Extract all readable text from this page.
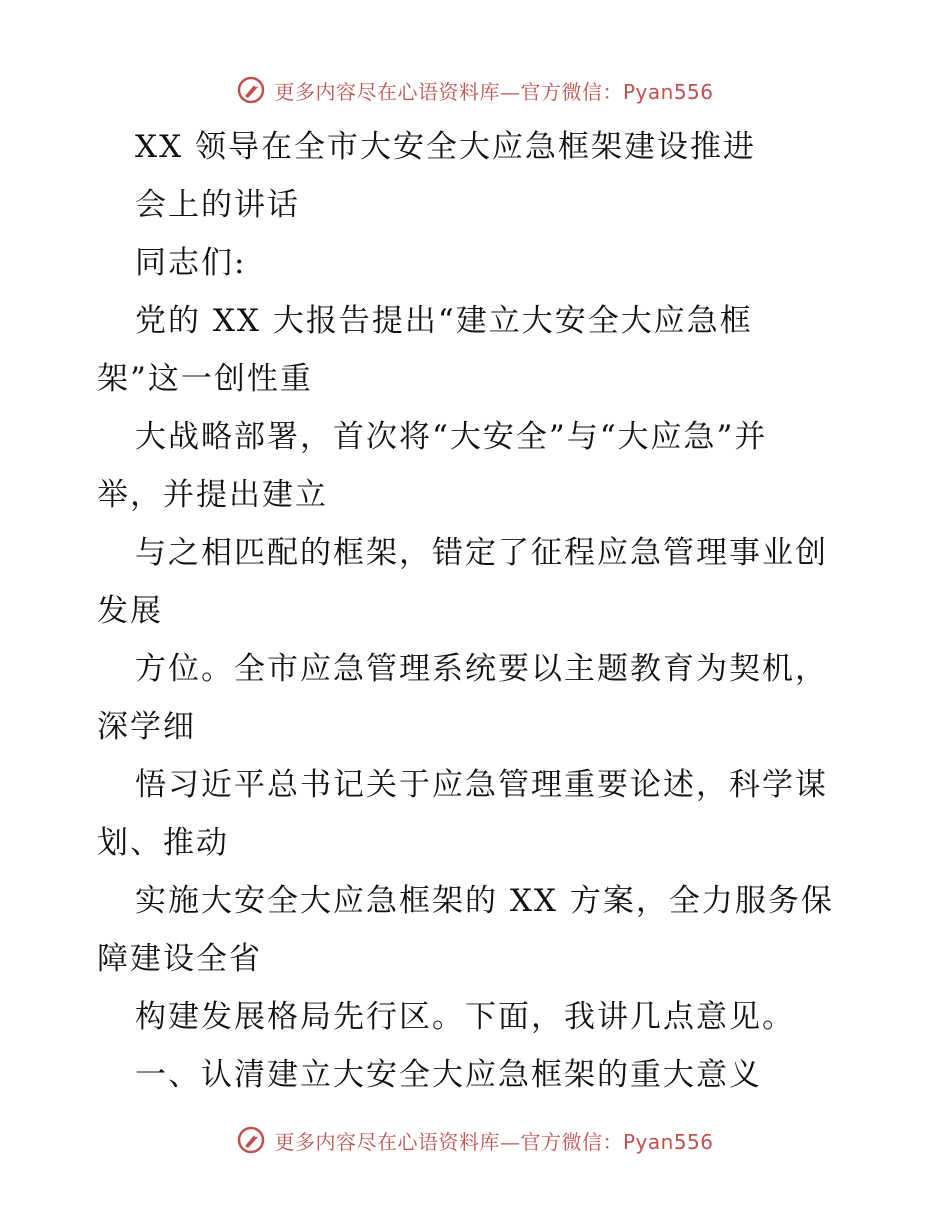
更多内容尽在心语资料库—官方微信：Pyan556
XX 领导在全市大安全大应急框架建设推进
会上的讲话
同志们:
党的 XX 大报告提出“建立大安全大应急框
架”这一创性重
大战略部署，首次将“大安全”与“大应急”并
举，并提出建立
与之相匹配的框架，错定了征程应急管理事业创
发展
方位。全市应急管理系统要以主题教育为契机，
深学细
悟习近平总书记关于应急管理重要论述，科学谋
划、推动
实施大安全大应急框架的 XX 方案，全力服务保
障建设全省
构建发展格局先行区。下面，我讲几点意见。
一、认清建立大安全大应急框架的重大意义
更多内容尽在心语资料库—官方微信：Pyan556
